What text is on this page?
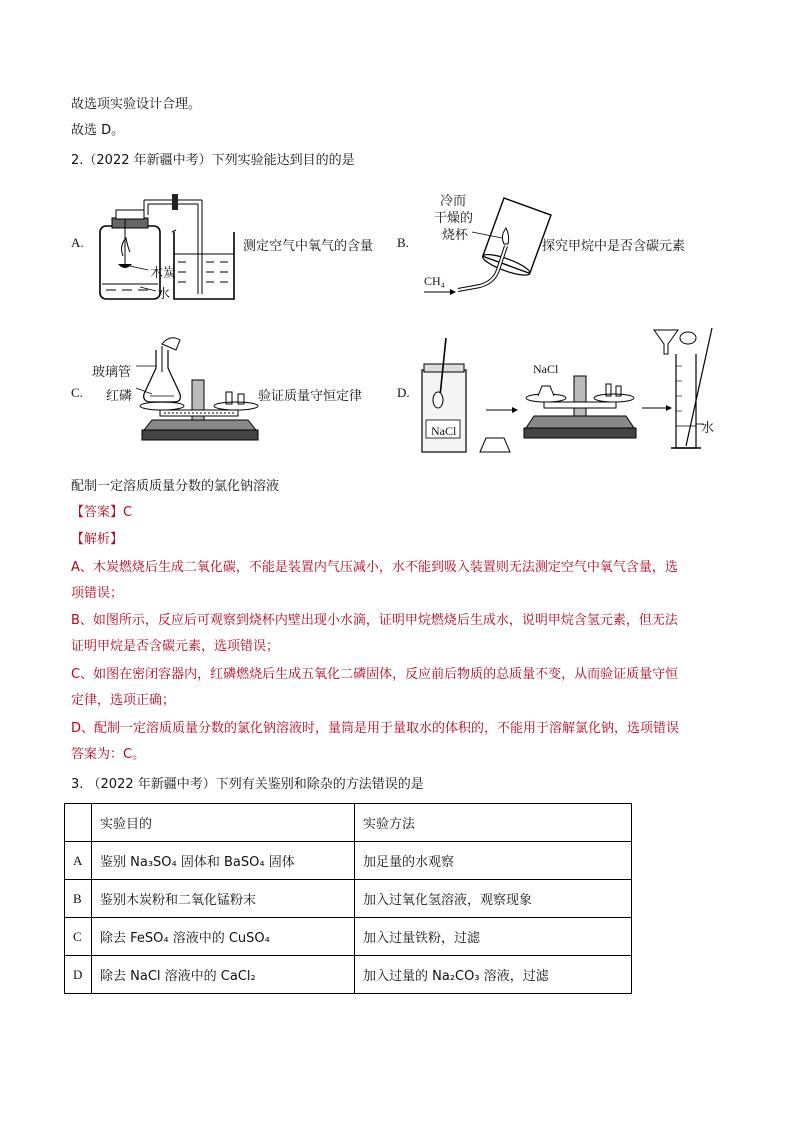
故选项实验设计合理。
故选 D。
2.（2022 年新疆中考）下列实验能达到目的的是
A.
木炭
水
测定空气中氧气的含量 B.
冷而
干燥的
烧杯
CH₄
探究甲烷中是否含碳元素
C.
玻璃管
红磷	验证质量守恒定律	D.
NaCl
NaCl	水
配制一定溶质质量分数的氯化钠溶液
【答案】C
【解析】
A、木炭燃烧后生成二氧化碳，不能是装置内气压减小，水不能到吸入装置则无法测定空气中氧气含量，选
项错误；
B、如图所示，反应后可观察到烧杯内壁出现小水滴，证明甲烷燃烧后生成水，说明甲烷含氢元素，但无法
证明甲烷是否含碳元素，选项错误；
C、如图在密闭容器内，红磷燃烧后生成五氧化二磷固体，反应前后物质的总质量不变，从而验证质量守恒
定律，选项正确；
D、配制一定溶质质量分数的氯化钠溶液时，量筒是用于量取水的体积的，不能用于溶解氯化钠，选项错误
答案为：C。
3. （2022 年新疆中考）下列有关鉴别和除杂的方法错误的是
	实验目的	实验方法
A	鉴别 Na₃SO₄ 固体和 BaSO₄ 固体	加足量的水观察
B	鉴别木炭粉和二氧化锰粉末	加入过氧化氢溶液，观察现象
C	除去 FeSO₄ 溶液中的 CuSO₄	加入过量铁粉，过滤
D	除去 NaCl 溶液中的 CaCl₂	加入过量的 Na₂CO₃ 溶液，过滤
